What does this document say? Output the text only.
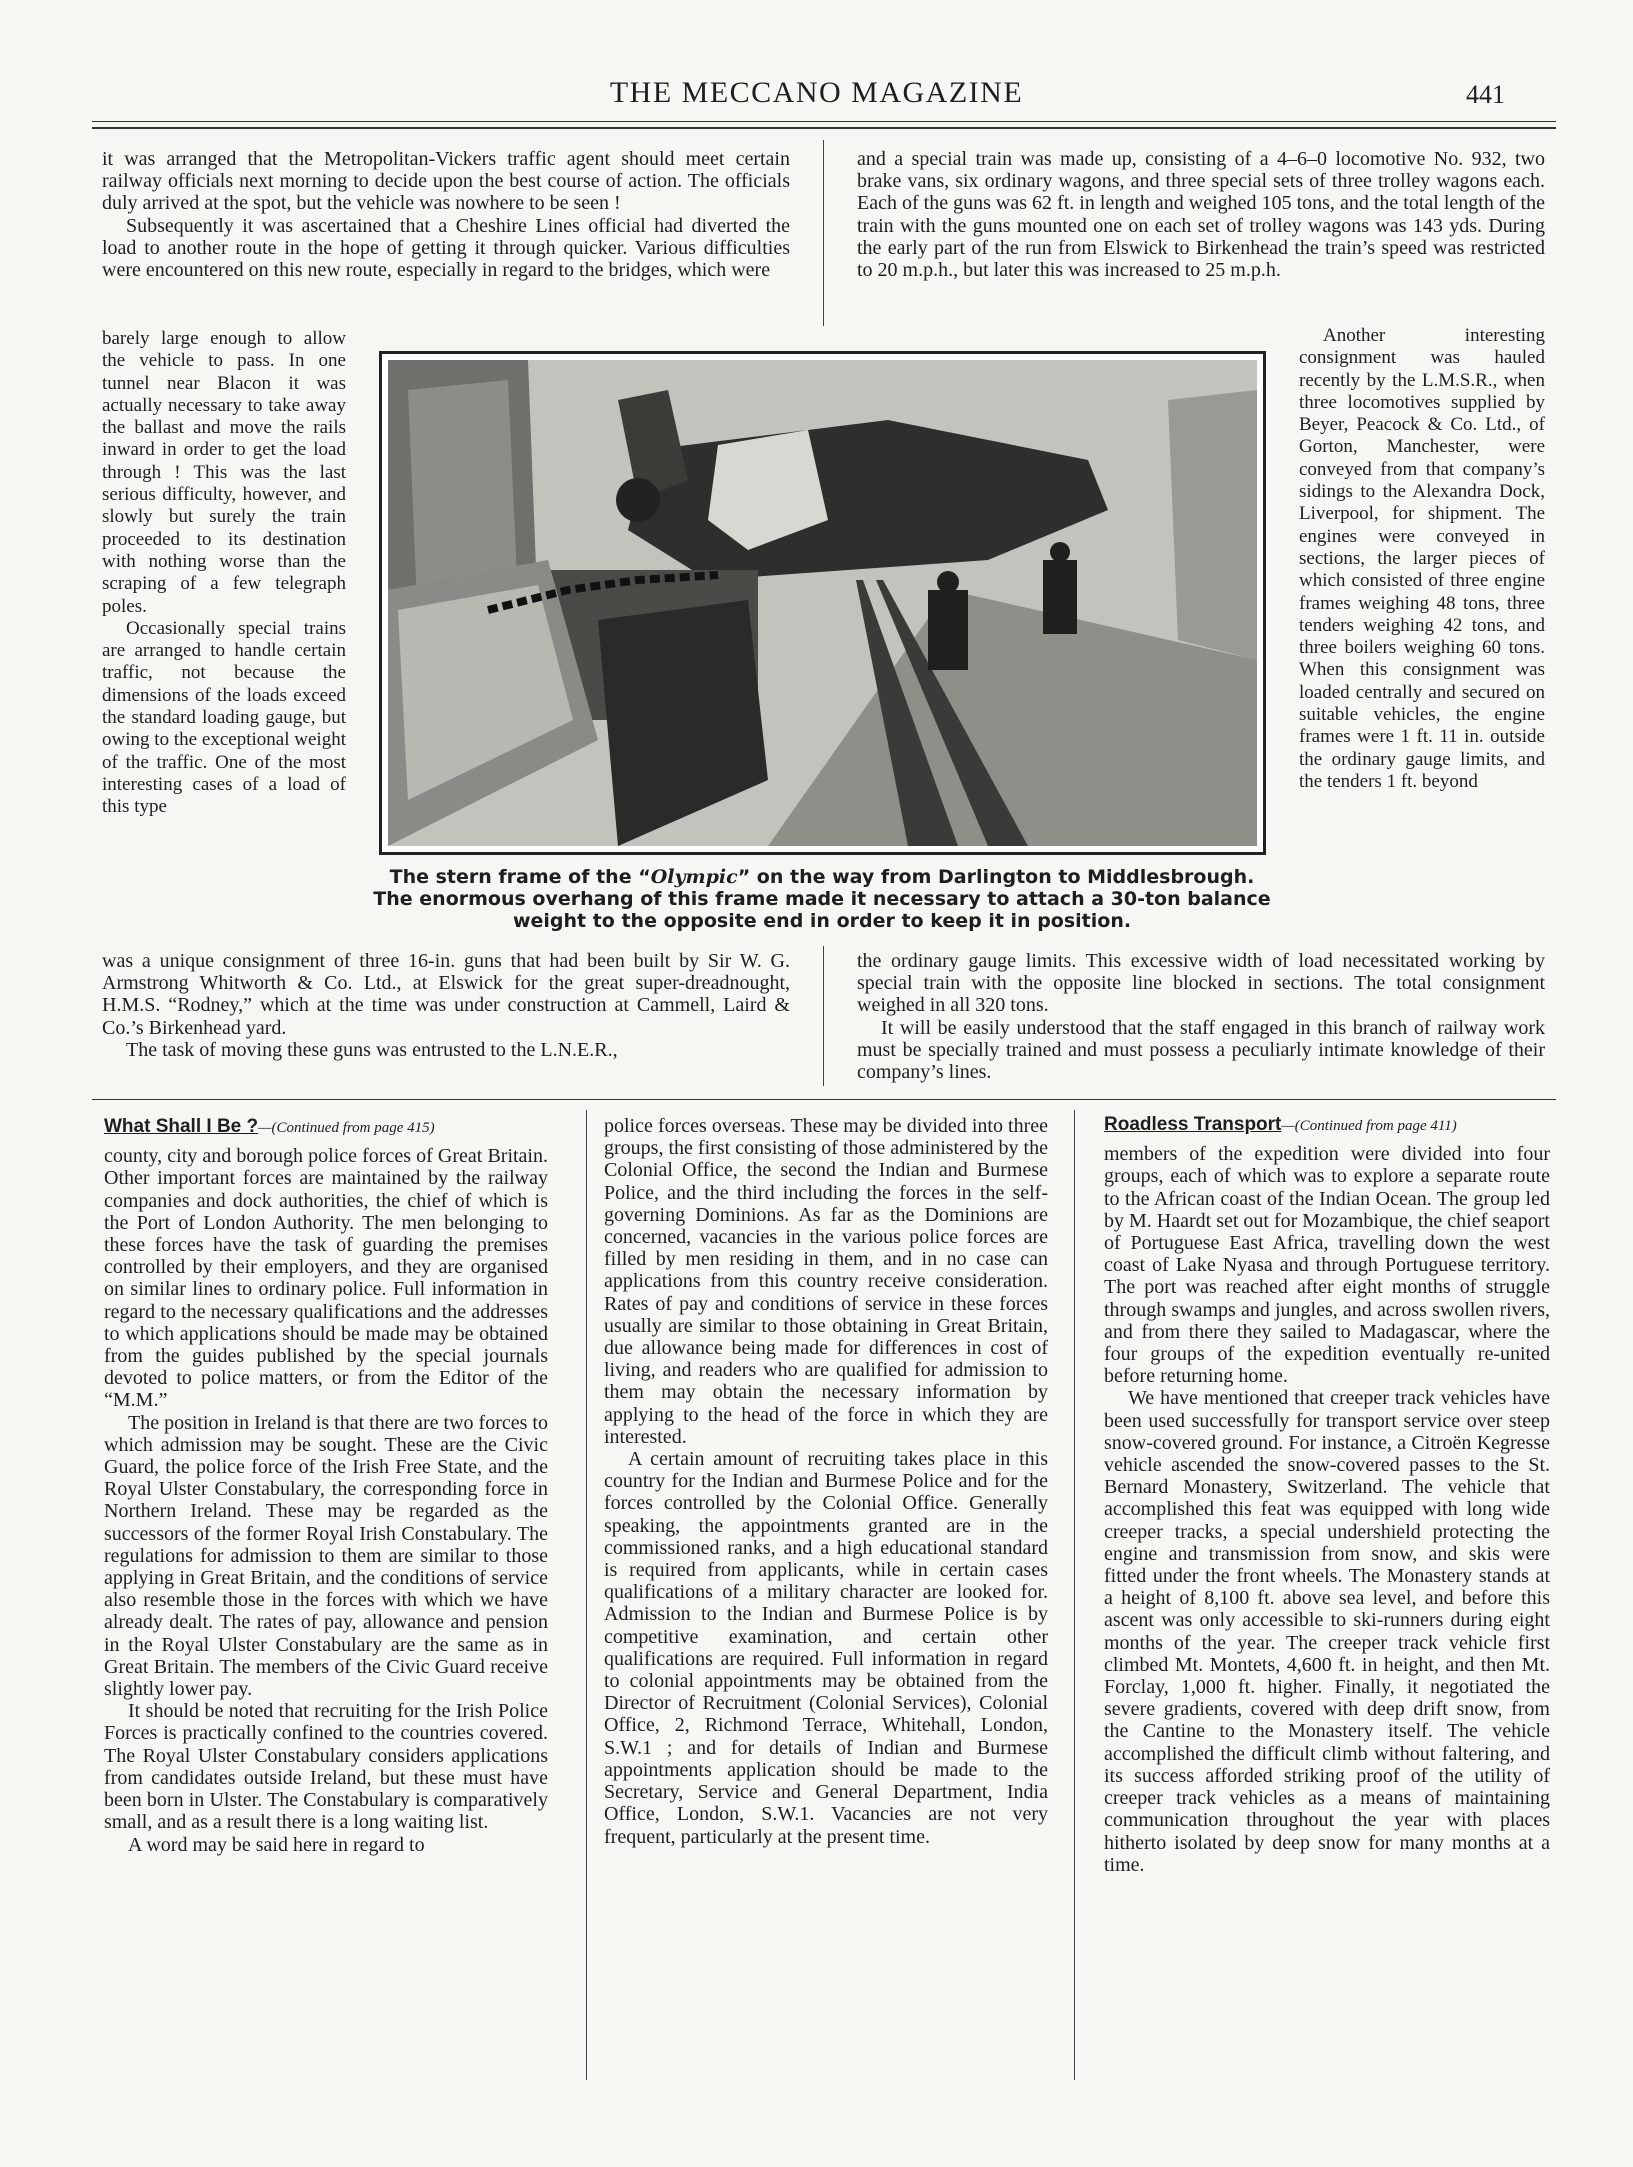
THE MECCANO MAGAZINE	441

it was arranged that the Metropolitan-Vickers traffic agent should meet certain railway officials next morning to decide upon the best course of action. The officials duly arrived at the spot, but the vehicle was nowhere to be seen !

Subsequently it was ascertained that a Cheshire Lines official had diverted the load to another route in the hope of getting it through quicker. Various difficulties were encountered on this new route, especially in regard to the bridges, which were

and a special train was made up, consisting of a 4–6–0 locomotive No. 932, two brake vans, six ordinary wagons, and three special sets of three trolley wagons each. Each of the guns was 62 ft. in length and weighed 105 tons, and the total length of the train with the guns mounted one on each set of trolley wagons was 143 yds. During the early part of the run from Elswick to Birkenhead the train’s speed was restricted to 20 m.p.h., but later this was increased to 25 m.p.h.

barely large enough to allow the vehicle to pass. In one tunnel near Blacon it was actually necessary to take away the ballast and move the rails inward in order to get the load through ! This was the last serious difficulty, however, and slowly but surely the train proceeded to its destination with nothing worse than the scraping of a few telegraph poles.

Occasionally special trains are arranged to handle certain traffic, not because the dimensions of the loads exceed the standard loading gauge, but owing to the exceptional weight of the traffic. One of the most interesting cases of a load of this type

Another interesting consignment was hauled recently by the L.M.S.R., when three locomotives supplied by Beyer, Peacock & Co. Ltd., of Gorton, Manchester, were conveyed from that company’s sidings to the Alexandra Dock, Liverpool, for shipment. The engines were conveyed in sections, the larger pieces of which consisted of three engine frames weighing 48 tons, three tenders weighing 42 tons, and three boilers weighing 60 tons. When this consignment was loaded centrally and secured on suitable vehicles, the engine frames were 1 ft. 11 in. outside the ordinary gauge limits, and the tenders 1 ft. beyond

The stern frame of the “Olympic” on the way from Darlington to Middlesbrough.
The enormous overhang of this frame made it necessary to attach a 30-ton balance
weight to the opposite end in order to keep it in position.

was a unique consignment of three 16-in. guns that had been built by Sir W. G. Armstrong Whitworth & Co. Ltd., at Elswick for the great super-dreadnought, H.M.S. “Rodney,” which at the time was under construction at Cammell, Laird & Co.’s Birkenhead yard.

The task of moving these guns was entrusted to the L.N.E.R.,

the ordinary gauge limits. This excessive width of load necessitated working by special train with the opposite line blocked in sections. The total consignment weighed in all 320 tons.

It will be easily understood that the staff engaged in this branch of railway work must be specially trained and must possess a peculiarly intimate knowledge of their company’s lines.

What Shall I Be ?—(Continued from page 415)

county, city and borough police forces of Great Britain. Other important forces are maintained by the railway companies and dock authorities, the chief of which is the Port of London Authority. The men belonging to these forces have the task of guarding the premises controlled by their employers, and they are organised on similar lines to ordinary police. Full information in regard to the necessary qualifications and the addresses to which applications should be made may be obtained from the guides published by the special journals devoted to police matters, or from the Editor of the “M.M.”

The position in Ireland is that there are two forces to which admission may be sought. These are the Civic Guard, the police force of the Irish Free State, and the Royal Ulster Constabulary, the corresponding force in Northern Ireland. These may be regarded as the successors of the former Royal Irish Constabulary. The regulations for admission to them are similar to those applying in Great Britain, and the conditions of service also resemble those in the forces with which we have already dealt. The rates of pay, allowance and pension in the Royal Ulster Constabulary are the same as in Great Britain. The members of the Civic Guard receive slightly lower pay.

It should be noted that recruiting for the Irish Police Forces is practically confined to the countries covered. The Royal Ulster Constabulary considers applications from candidates outside Ireland, but these must have been born in Ulster. The Constabulary is comparatively small, and as a result there is a long waiting list.

A word may be said here in regard to

police forces overseas. These may be divided into three groups, the first consisting of those administered by the Colonial Office, the second the Indian and Burmese Police, and the third including the forces in the self-governing Dominions. As far as the Dominions are concerned, vacancies in the various police forces are filled by men residing in them, and in no case can applications from this country receive consideration. Rates of pay and conditions of service in these forces usually are similar to those obtaining in Great Britain, due allowance being made for differences in cost of living, and readers who are qualified for admission to them may obtain the necessary information by applying to the head of the force in which they are interested.

A certain amount of recruiting takes place in this country for the Indian and Burmese Police and for the forces controlled by the Colonial Office. Generally speaking, the appointments granted are in the commissioned ranks, and a high educational standard is required from applicants, while in certain cases qualifications of a military character are looked for. Admission to the Indian and Burmese Police is by competitive examination, and certain other qualifications are required. Full information in regard to colonial appointments may be obtained from the Director of Recruitment (Colonial Services), Colonial Office, 2, Richmond Terrace, Whitehall, London, S.W.1 ; and for details of Indian and Burmese appointments application should be made to the Secretary, Service and General Department, India Office, London, S.W.1. Vacancies are not very frequent, particularly at the present time.

Roadless Transport—(Continued from page 411)

members of the expedition were divided into four groups, each of which was to explore a separate route to the African coast of the Indian Ocean. The group led by M. Haardt set out for Mozambique, the chief seaport of Portuguese East Africa, travelling down the west coast of Lake Nyasa and through Portuguese territory. The port was reached after eight months of struggle through swamps and jungles, and across swollen rivers, and from there they sailed to Madagascar, where the four groups of the expedition eventually re-united before returning home.

We have mentioned that creeper track vehicles have been used successfully for transport service over steep snow-covered ground. For instance, a Citroën Kegresse vehicle ascended the snow-covered passes to the St. Bernard Monastery, Switzerland. The vehicle that accomplished this feat was equipped with long wide creeper tracks, a special undershield protecting the engine and transmission from snow, and skis were fitted under the front wheels. The Monastery stands at a height of 8,100 ft. above sea level, and before this ascent was only accessible to ski-runners during eight months of the year. The creeper track vehicle first climbed Mt. Montets, 4,600 ft. in height, and then Mt. Forclay, 1,000 ft. higher. Finally, it negotiated the severe gradients, covered with deep drift snow, from the Cantine to the Monastery itself. The vehicle accomplished the difficult climb without faltering, and its success afforded striking proof of the utility of creeper track vehicles as a means of maintaining communication throughout the year with places hitherto isolated by deep snow for many months at a time.
